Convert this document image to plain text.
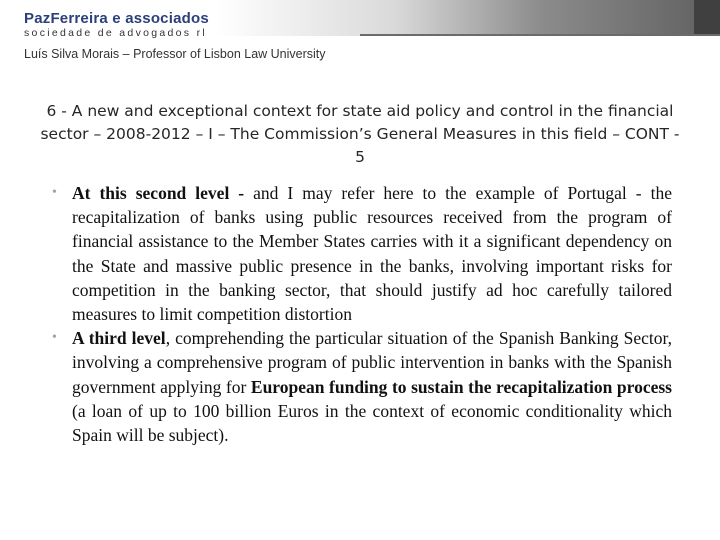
PazFerreira e associados
sociedade de advogados rl
Luís Silva Morais – Professor of Lisbon Law University
6 - A new and exceptional context for state aid policy and control in the financial sector – 2008-2012 – I – The Commission’s General Measures in this field – CONT - 5
• At this second level - and I may refer here to the example of Portugal - the recapitalization of banks using public resources received from the program of financial assistance to the Member States carries with it a significant dependency on the State and massive public presence in the banks, involving important risks for competition in the banking sector, that should justify ad hoc carefully tailored measures to limit competition distortion
• A third level, comprehending the particular situation of the Spanish Banking Sector, involving a comprehensive program of public intervention in banks with the Spanish government applying for European funding to sustain the recapitalization process (a loan of up to 100 billion Euros in the context of economic conditionality which Spain will be subject).
